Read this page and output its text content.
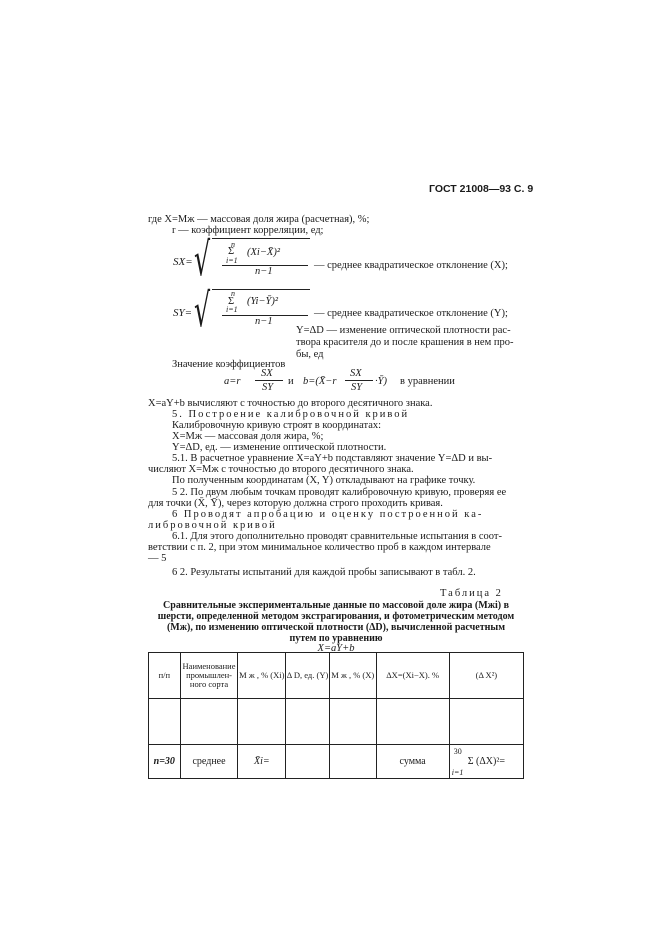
ГОСТ 21008—93 С. 9
где X=Mж — массовая доля жира (расчетная), %;
r — коэффициент корреляции, ед;
SX= √	n
Σ (Xi−X̄)²
i=1
n−1
— среднее квадратическое отклонение (X);
SY= √	n
Σ (Yi−Ȳ)²
i=1
n−1
— среднее квадратическое отклонение (Y);
Y=ΔD — изменение оптической плотности рас-
твора красителя до и после крашения в нем про-
бы, ед
Значение коэффициентов
a=r
SX
SY
и b=(X̄−r
SX
SY
·Ȳ) в уравнении
X=aY+b вычисляют с точностью до второго десятичного знака.
5. Построение калибровочной кривой
Калибровочную кривую строят в координатах:
X=Mж — массовая доля жира, %;
Y=ΔD, ед. — изменение оптической плотности.
5.1. В расчетное уравнение X=aY+b подставляют значение Y=ΔD и вы-
числяют X=Mж с точностью до второго десятичного знака.
По полученным координатам (X, Y) откладывают на графике точку.
5 2. По двум любым точкам проводят калибровочную кривую, проверяя ее
для точки (X̄, Ȳ), через которую должна строго проходить кривая.
6 Проводят апробацию и оценку построенной ка-
либровочной кривой
6.1. Для этого дополнительно проводят сравнительные испытания в соот-
ветствии с п. 2, при этом минимальное количество проб в каждом интервале
— 5
6 2. Результаты испытаний для каждой пробы записывают в табл. 2.
Таблица 2
Сравнительные экспериментальные данные по массовой доле жира (Mжi) в
шерсти, определенной методом экстрагирования, и фотометрическим методом
(Mж), по изменению оптической плотности (ΔD), вычисленной расчетным
путем по уравнению
X=aY+b
п/п	Наименование промышлен-ного сорта	M ж , % (Xi)	Δ D, ед. (Y)	M ж , % (X)	ΔX=(Xi−X). %	(Δ X²)

n=30	среднее	X̄i=			сумма	30
Σ (ΔX)²=
i=1
